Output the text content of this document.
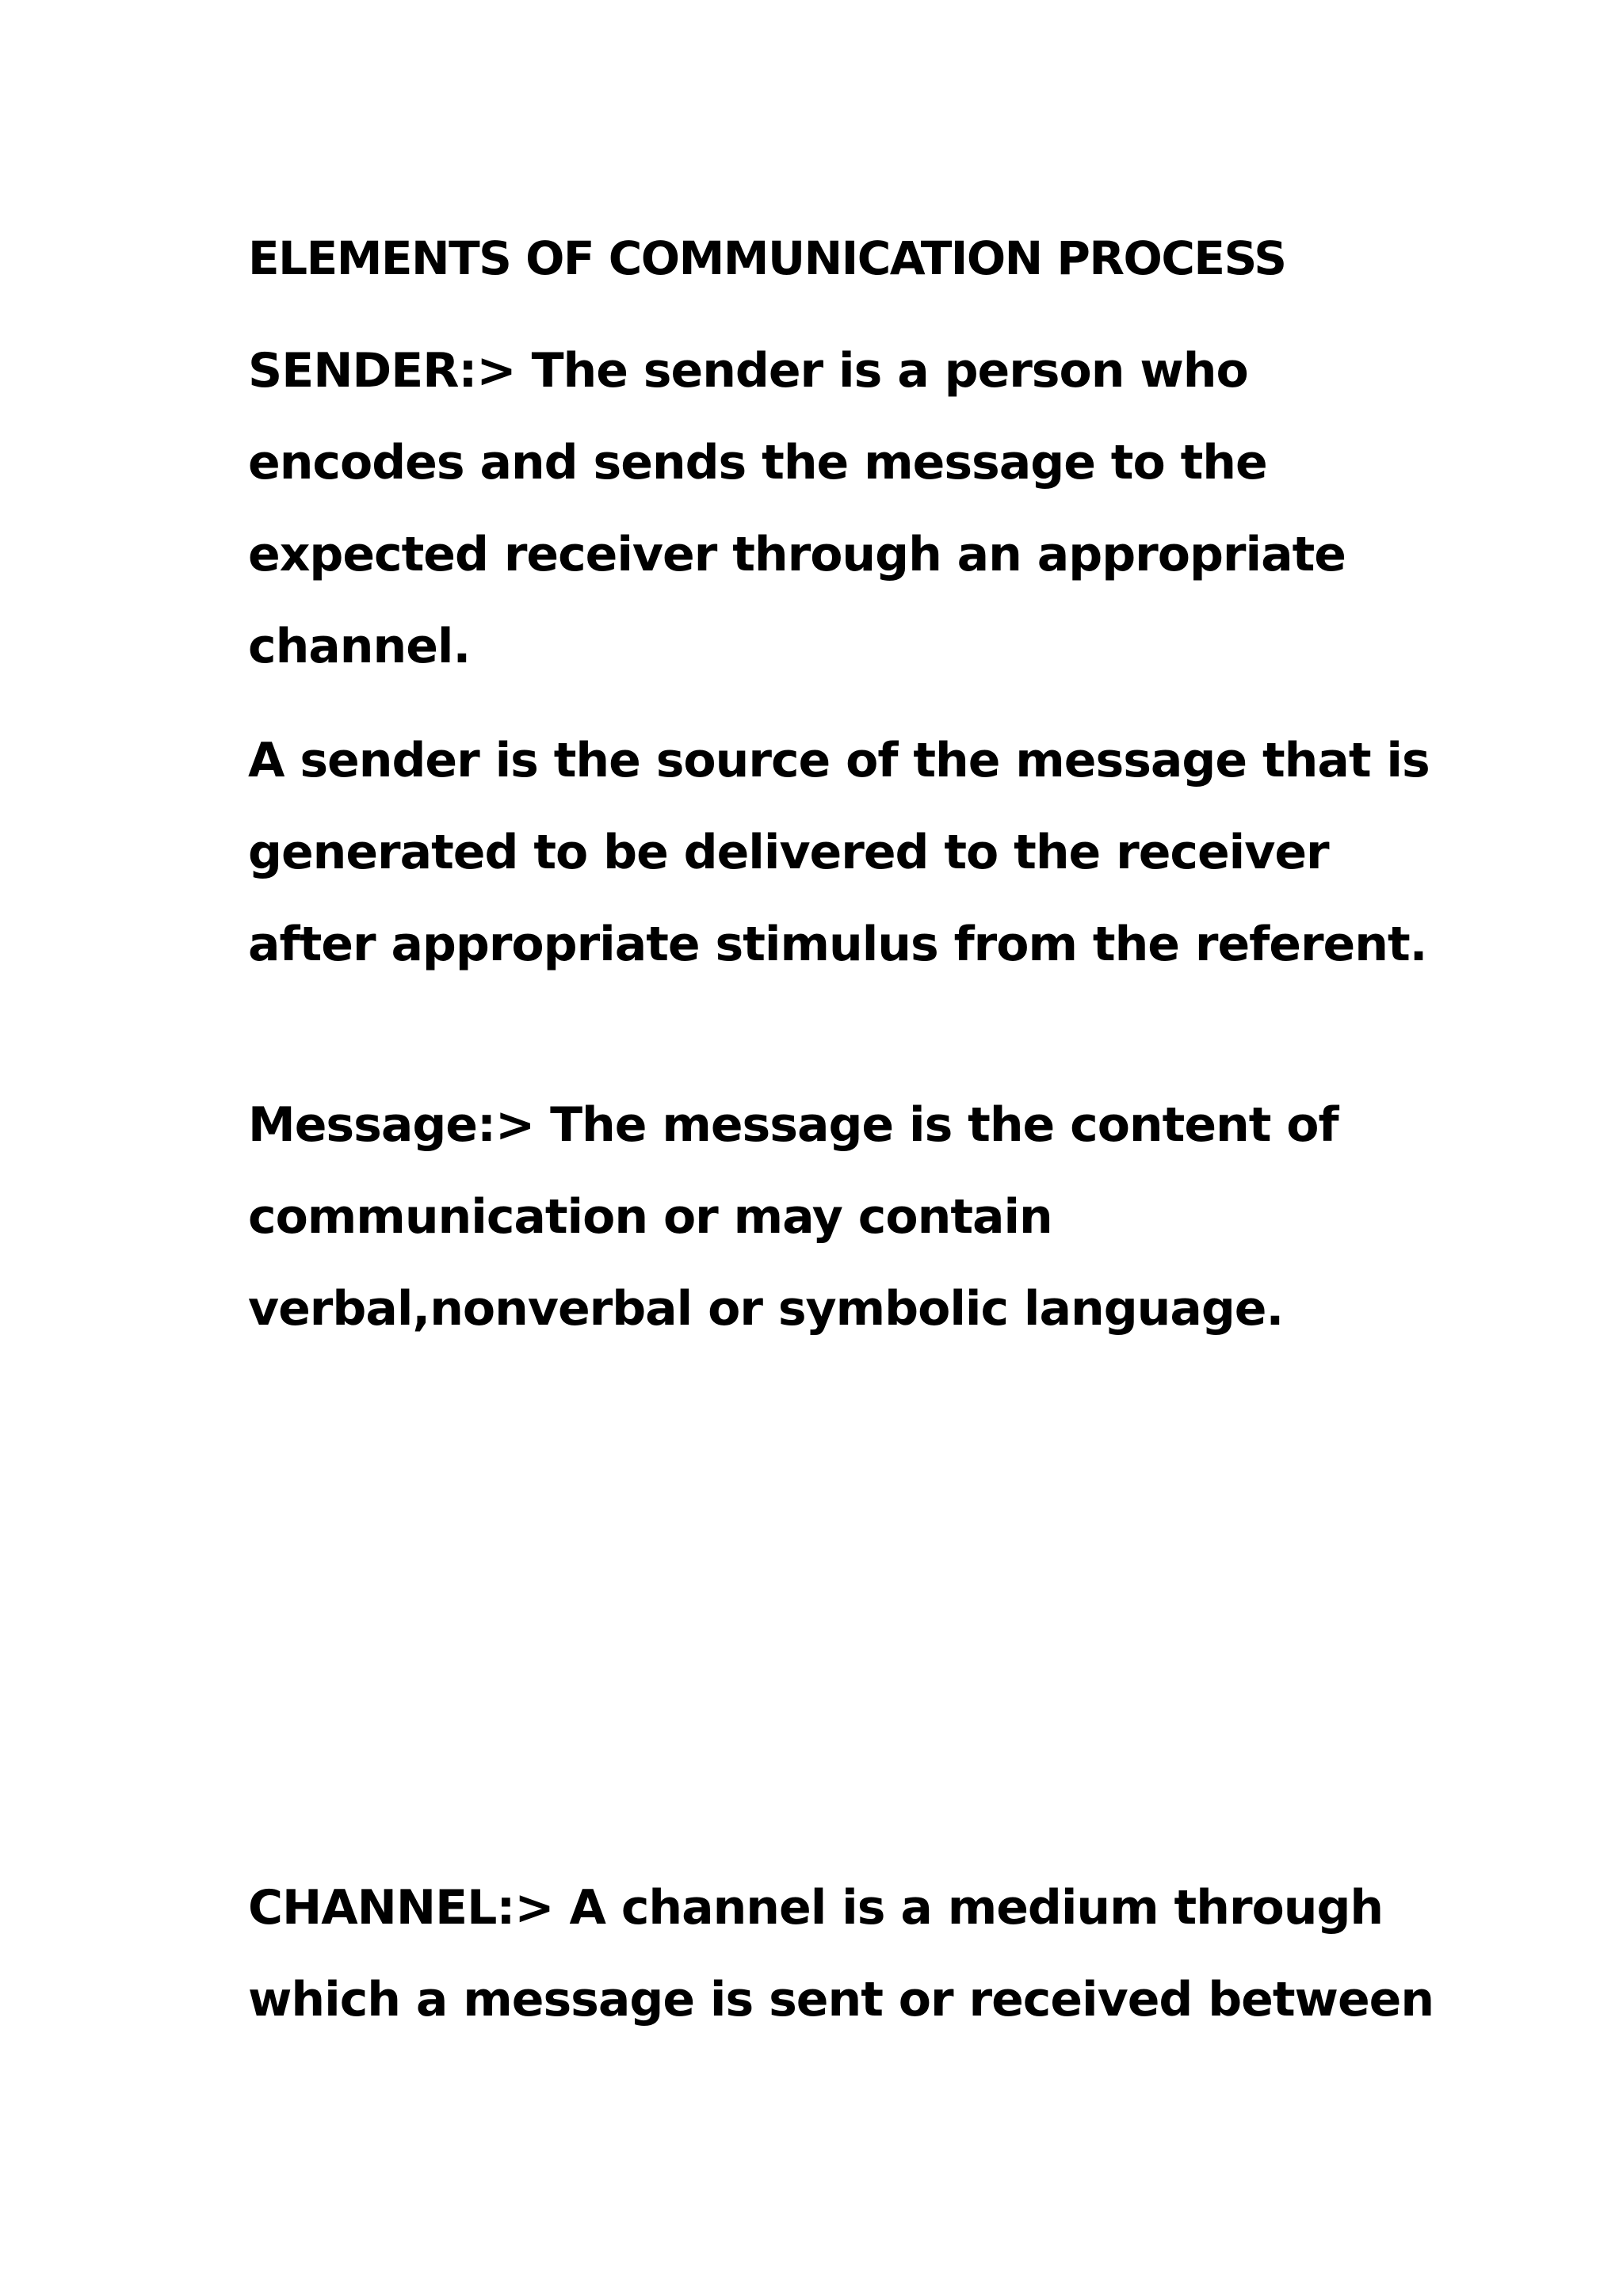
ELEMENTS OF COMMUNICATION PROCESS

SENDER:> The sender is a person who
encodes and sends the message to the
expected receiver through an appropriate
channel.

A sender is the source of the message that is
generated to be delivered to the receiver
after appropriate stimulus from the referent.

Message:> The message is the content of
communication or may contain
verbal,nonverbal or symbolic language.

CHANNEL:> A channel is a medium through
which a message is sent or received between
